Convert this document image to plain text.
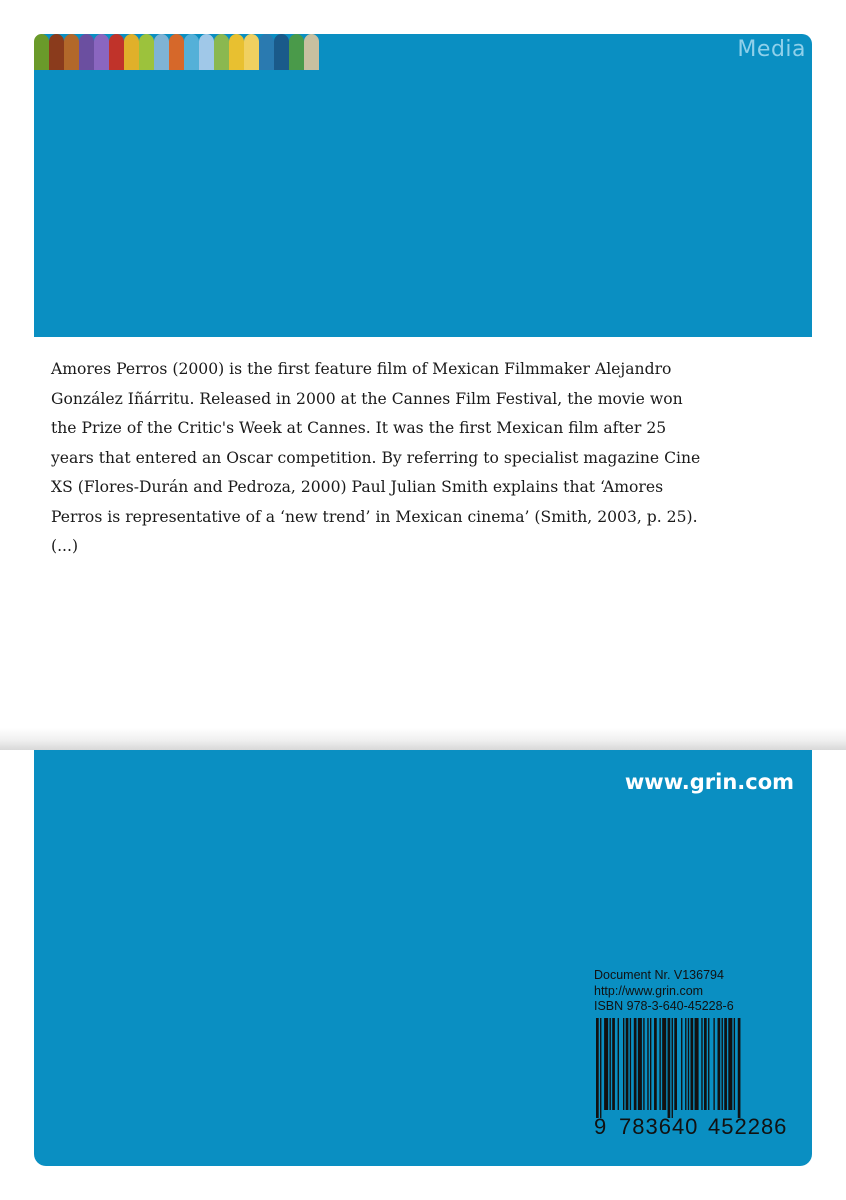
Media

Amores Perros (2000) is the first feature film of Mexican Filmmaker Alejandro González Iñárritu. Released in 2000 at the Cannes Film Festival, the movie won the Prize of the Critic's Week at Cannes. It was the first Mexican film after 25 years that entered an Oscar competition. By referring to specialist magazine Cine XS (Flores-Durán and Pedroza, 2000) Paul Julian Smith explains that ‘Amores Perros is representative of a ‘new trend’ in Mexican cinema’ (Smith, 2003, p. 25). (...)

www.grin.com
Document Nr. V136794
http://www.grin.com
ISBN 978-3-640-45228-6
9 783640 452286
